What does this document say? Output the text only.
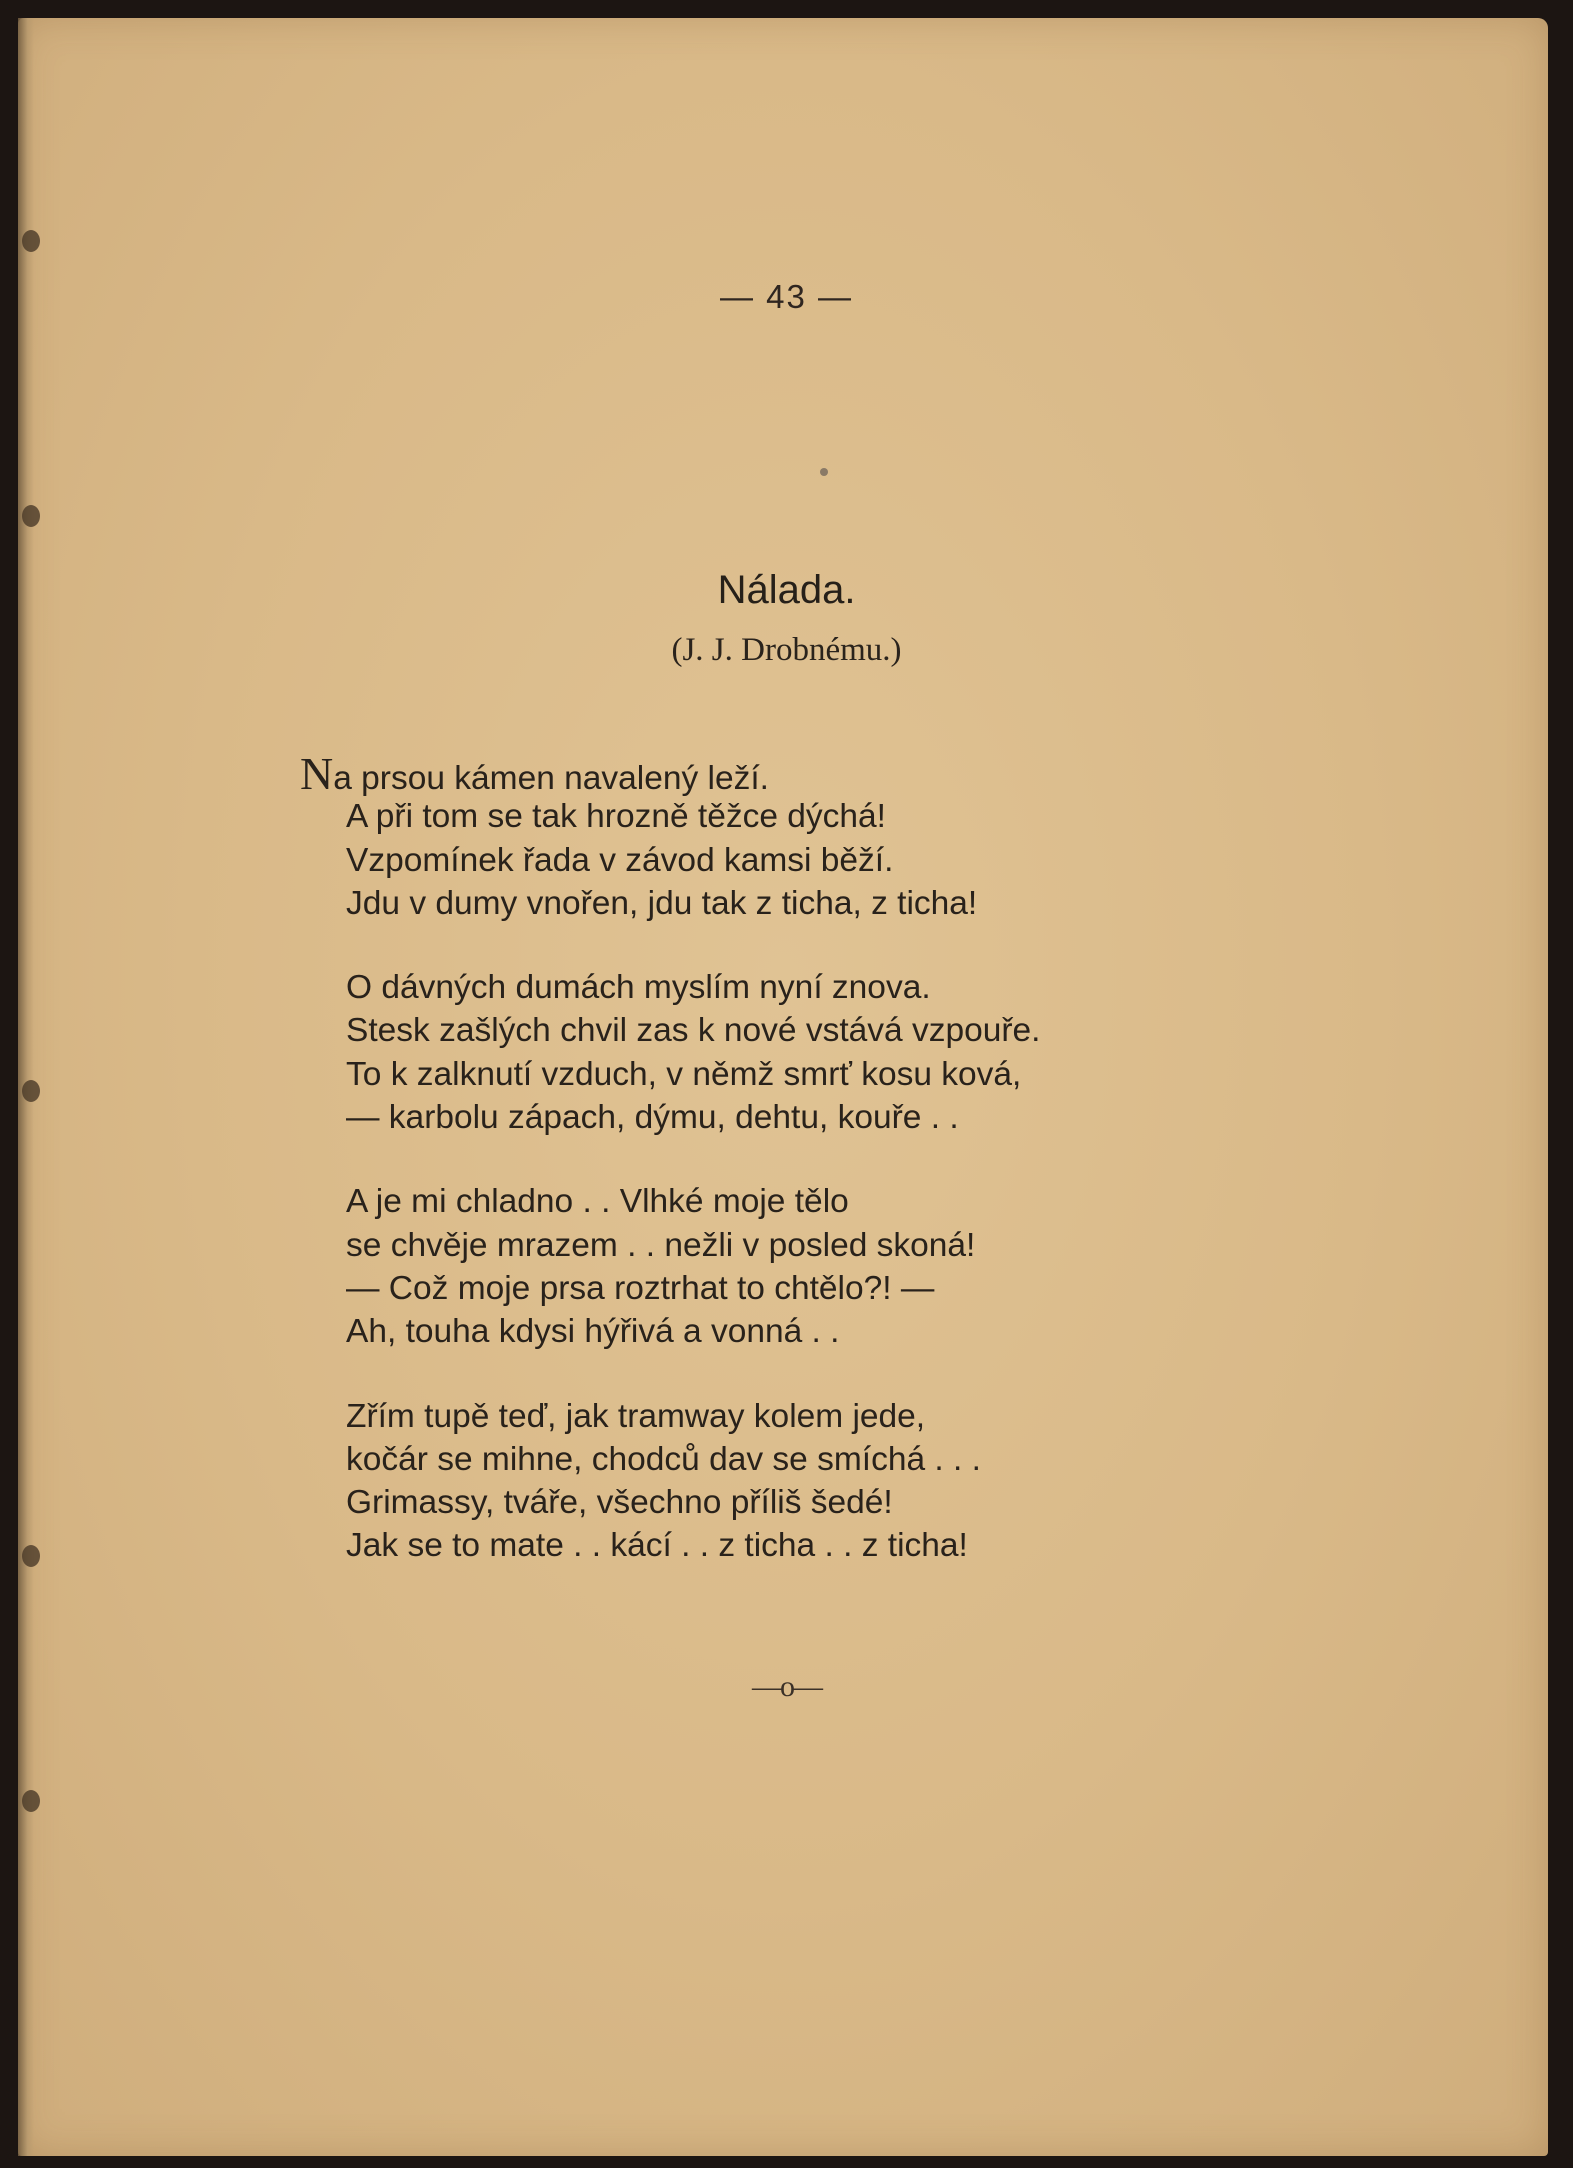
— 43 —
Nálada.
(J. J. Drobnému.)
Na prsou kámen navalený leží.
A při tom se tak hrozně těžce dýchá!
Vzpomínek řada v závod kamsi běží.
Jdu v dumy vnořen, jdu tak z ticha, z ticha!
O dávných dumách myslím nyní znova.
Stesk zašlých chvil zas k nové vstává vzpouře.
To k zalknutí vzduch, v němž smrť kosu ková,
— karbolu zápach, dýmu, dehtu, kouře . .
A je mi chladno . . Vlhké moje tělo
se chvěje mrazem . . nežli v posled skoná!
— Což moje prsa roztrhat to chtělo?! —
Ah, touha kdysi hýřivá a vonná . .
Zřím tupě teď, jak tramway kolem jede,
kočár se mihne, chodců dav se smíchá . . .
Grimassy, tváře, všechno příliš šedé!
Jak se to mate . . kácí . . z ticha . . z ticha!
—o—
